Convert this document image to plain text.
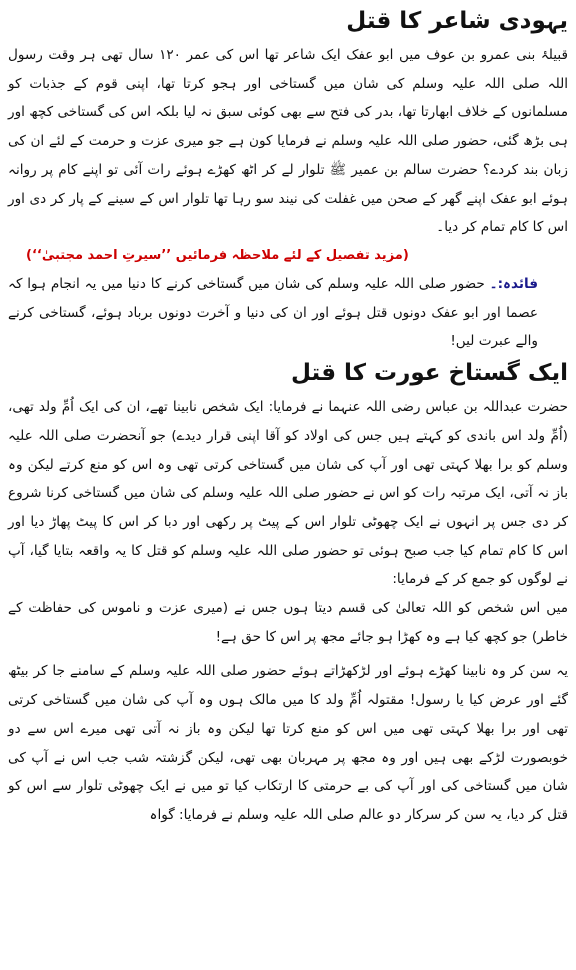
یہودی شاعر کا قتل

قبیلۂ بنی عمرو بن عوف میں ابو عفک ایک شاعر تھا اس کی عمر ۱۲۰ سال تھی ہر وقت رسول اللہ صلی اللہ علیہ وسلم کی شان میں گستاخی اور ہجو کرتا تھا، اپنی قوم کے جذبات کو مسلمانوں کے خلاف ابھارتا تھا، بدر کی فتح سے بھی کوئی سبق نہ لیا بلکہ اس کی گستاخی کچھ اور ہی بڑھ گئی، حضور صلی اللہ علیہ وسلم نے فرمایا کون ہے جو میری عزت و حرمت کے لئے ان کی زبان بند کردے؟ حضرت سالم بن عمیر ﷺ تلوار لے کر اٹھ کھڑے ہوئے رات آئی تو اپنے کام پر روانہ ہوئے ابو عفک اپنے گھر کے صحن میں غفلت کی نیند سو رہا تھا تلوار اس کے سینے کے پار کر دی اور اس کا کام تمام کر دیا۔

(مزید تفصیل کے لئے ملاحظہ فرمائیں ’’سیرتِ احمد مجتبیٰ‘‘)

فائدہ:۔ حضور صلی اللہ علیہ وسلم کی شان میں گستاخی کرنے کا دنیا میں یہ انجام ہوا کہ عصما اور ابو عفک دونوں قتل ہوئے اور ان کی دنیا و آخرت دونوں برباد ہوئے، گستاخی کرنے والے عبرت لیں!

ایک گستاخ عورت کا قتل

حضرت عبداللہ بن عباس رضی اللہ عنہما نے فرمایا: ایک شخص نابینا تھے، ان کی ایک اُمِّ ولد تھی، (اُمِّ ولد اس باندی کو کہتے ہیں جس کی اولاد کو آقا اپنی قرار دیدے) جو آنحضرت صلی اللہ علیہ وسلم کو برا بھلا کہتی تھی اور آپ کی شان میں گستاخی کرتی تھی وہ اس کو منع کرتے لیکن وہ باز نہ آتی، ایک مرتبہ رات کو اس نے حضور صلی اللہ علیہ وسلم کی شان میں گستاخی کرنا شروع کر دی جس پر انہوں نے ایک چھوٹی تلوار اس کے پیٹ پر رکھی اور دبا کر اس کا پیٹ پھاڑ دیا اور اس کا کام تمام کیا جب صبح ہوئی تو حضور صلی اللہ علیہ وسلم کو قتل کا یہ واقعہ بتایا گیا، آپ نے لوگوں کو جمع کر کے فرمایا:

میں اس شخص کو اللہ تعالیٰ کی قسم دیتا ہوں جس نے (میری عزت و ناموس کی حفاظت کے خاطر) جو کچھ کیا ہے وہ کھڑا ہو جائے مجھ پر اس کا حق ہے!

یہ سن کر وہ نابینا کھڑے ہوئے اور لڑکھڑاتے ہوئے حضور صلی اللہ علیہ وسلم کے سامنے جا کر بیٹھ گئے اور عرض کیا یا رسول! مقتولہ اُمِّ ولد کا میں مالک ہوں وہ آپ کی شان میں گستاخی کرتی تھی اور برا بھلا کہتی تھی میں اس کو منع کرتا تھا لیکن وہ باز نہ آتی تھی میرے اس سے دو خوبصورت لڑکے بھی ہیں اور وہ مجھ پر مہربان بھی تھی، لیکن گزشتہ شب جب اس نے آپ کی شان میں گستاخی کی اور آپ کی بے حرمتی کا ارتکاب کیا تو میں نے ایک چھوٹی تلوار سے اس کو قتل کر دیا، یہ سن کر سرکار دو عالم صلی اللہ علیہ وسلم نے فرمایا: گواہ
